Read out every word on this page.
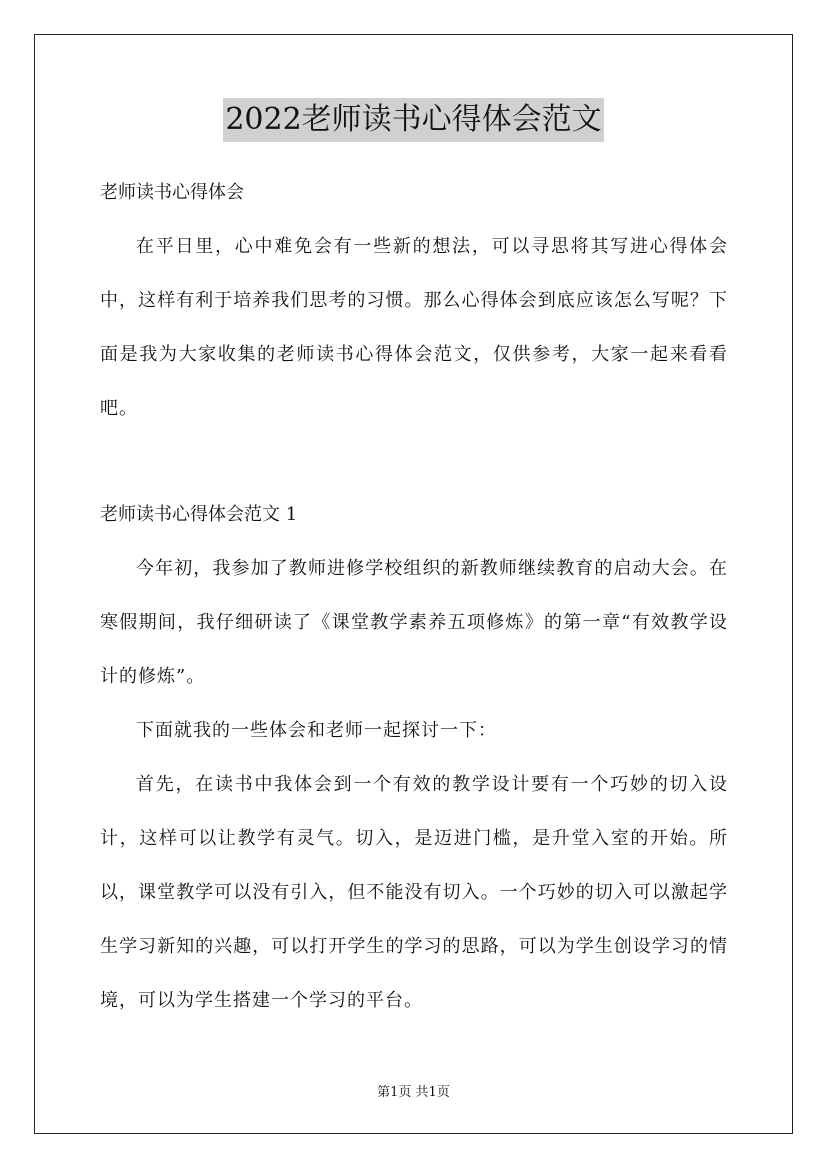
2022老师读书心得体会范文

老师读书心得体会

在平日里，心中难免会有一些新的想法，可以寻思将其写进心得体会中，这样有利于培养我们思考的习惯。那么心得体会到底应该怎么写呢？下面是我为大家收集的老师读书心得体会范文，仅供参考，大家一起来看看吧。

老师读书心得体会范文 1

今年初，我参加了教师进修学校组织的新教师继续教育的启动大会。在寒假期间，我仔细研读了《课堂教学素养五项修炼》的第一章“有效教学设计的修炼”。

下面就我的一些体会和老师一起探讨一下：

首先，在读书中我体会到一个有效的教学设计要有一个巧妙的切入设计，这样可以让教学有灵气。切入，是迈进门槛，是升堂入室的开始。所以，课堂教学可以没有引入，但不能没有切入。一个巧妙的切入可以激起学生学习新知的兴趣，可以打开学生的学习的思路，可以为学生创设学习的情境，可以为学生搭建一个学习的平台。

第1页 共1页
